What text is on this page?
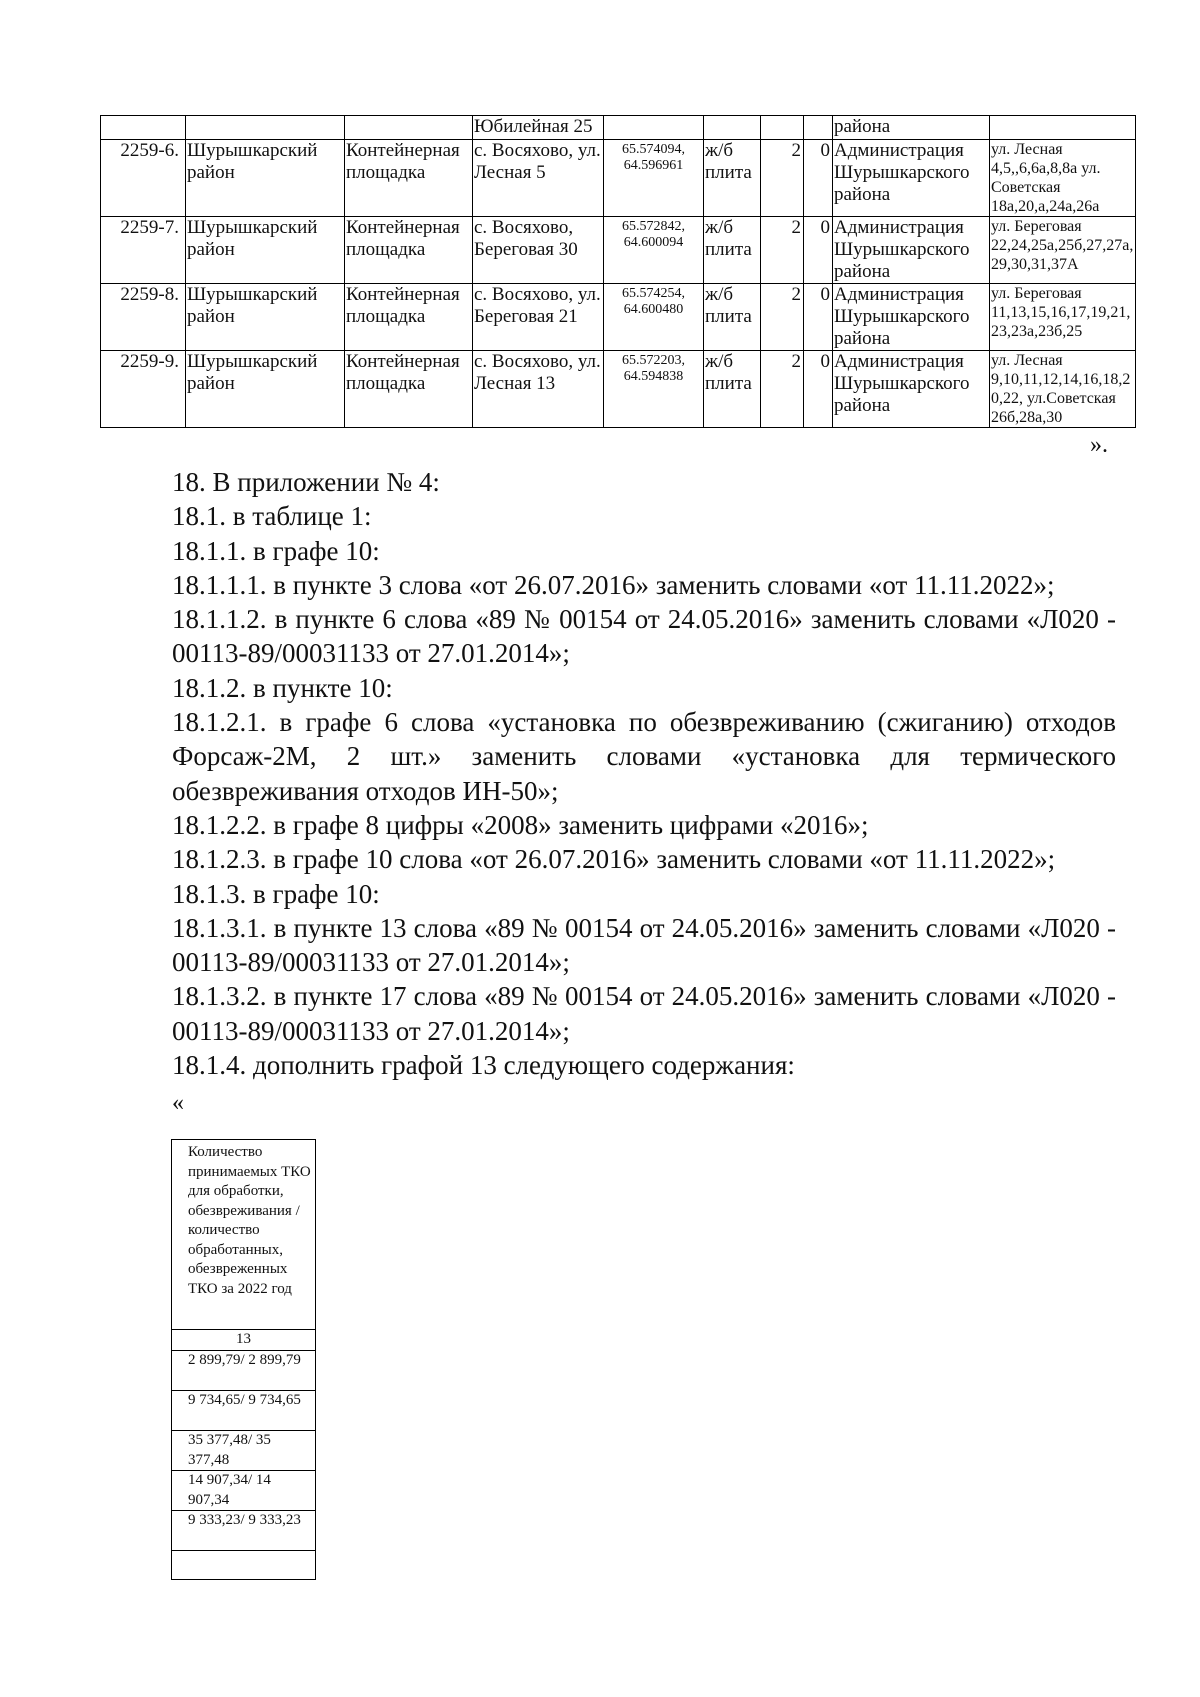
			Юбилейная 25					района	
2259-6.	Шурышкарский район	Контейнерная площадка	с. Восяхово, ул. Лесная 5	65.574094, 64.596961	ж/б плита	2	0	Администрация Шурышкарского района	ул. Лесная 4,5,,6,6а,8,8а ул. Советская 18а,20,а,24а,26а
2259-7.	Шурышкарский район	Контейнерная площадка	с. Восяхово, Береговая 30	65.572842, 64.600094	ж/б плита	2	0	Администрация Шурышкарского района	ул. Береговая 22,24,25а,25б,27,27а, 29,30,31,37А
2259-8.	Шурышкарский район	Контейнерная площадка	с. Восяхово, ул. Береговая 21	65.574254, 64.600480	ж/б плита	2	0	Администрация Шурышкарского района	ул. Береговая 11,13,15,16,17,19,21,23,23а,23б,25
2259-9.	Шурышкарский район	Контейнерная площадка	с. Восяхово, ул. Лесная 13	65.572203, 64.594838	ж/б плита	2	0	Администрация Шурышкарского района	ул. Лесная 9,10,11,12,14,16,18,20,22, ул.Советская 26б,28а,30
».

18. В приложении № 4:

18.1. в таблице 1:

18.1.1. в графе 10:

18.1.1.1. в пункте 3 слова «от 26.07.2016» заменить словами «от 11.11.2022»;

18.1.1.2. в пункте 6 слова «89 № 00154 от 24.05.2016» заменить словами «Л020 - 00113-89/00031133 от 27.01.2014»;

18.1.2. в пункте 10:

18.1.2.1. в графе 6 слова «установка по обезвреживанию (сжиганию) отходов Форсаж-2М, 2 шт.» заменить словами «установка для термического обезвреживания отходов ИН-50»;

18.1.2.2. в графе 8 цифры «2008» заменить цифрами «2016»;

18.1.2.3. в графе 10 слова «от 26.07.2016» заменить словами «от 11.11.2022»;

18.1.3. в графе 10:

18.1.3.1. в пункте 13 слова «89 № 00154 от 24.05.2016» заменить словами «Л020 - 00113-89/00031133 от 27.01.2014»;

18.1.3.2. в пункте 17 слова «89 № 00154 от 24.05.2016» заменить словами «Л020 - 00113-89/00031133 от 27.01.2014»;

18.1.4. дополнить графой 13 следующего содержания:

«
Количество принимаемых ТКО для обработки, обезвреживания /количество обработанных, обезвреженных ТКО за 2022 год
13
2 899,79/ 2 899,79
9 734,65/ 9 734,65
35 377,48/ 35 377,48
14 907,34/ 14 907,34
9 333,23/ 9 333,23
